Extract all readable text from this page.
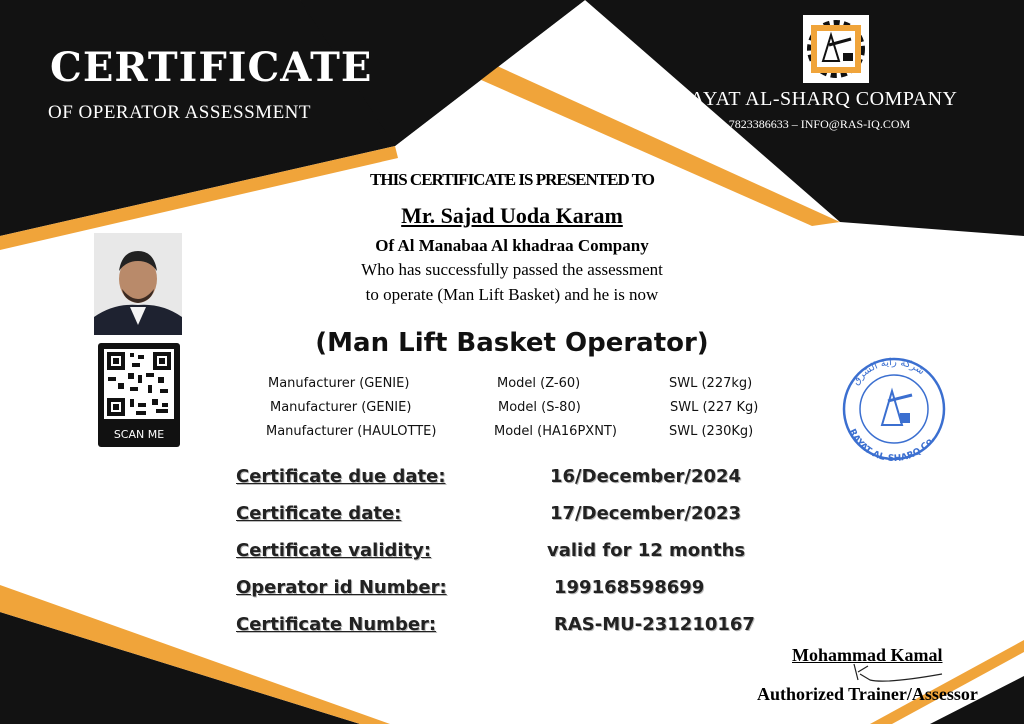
CERTIFICATE
OF OPERATOR ASSESSMENT
RAYAT AL-SHARQ COMPANY
+964-7823386633 – INFO@RAS-IQ.COM
THIS CERTIFICATE IS PRESENTED TO
Mr. Sajad Uoda Karam
Of Al Manabaa Al khadraa Company
Who has successfully passed the assessment
to operate (Man Lift Basket) and he is now
(Man Lift Basket Operator)
SCAN ME
Manufacturer (GENIE)	Model (Z-60)	SWL (227kg)
Manufacturer (GENIE)	Model (S-80)	SWL (227 Kg)
Manufacturer (HAULOTTE)	Model (HA16PXNT)	SWL (230Kg)
Certificate due date:	16/December/2024
Certificate date:	17/December/2023
Certificate validity:	valid for 12 months
Operator id Number:	199168598699
Certificate Number:	RAS-MU-231210167
شركة راية الشرق
RAYAT AL-SHARQ Co.
Mohammad Kamal
Authorized Trainer/Assessor
